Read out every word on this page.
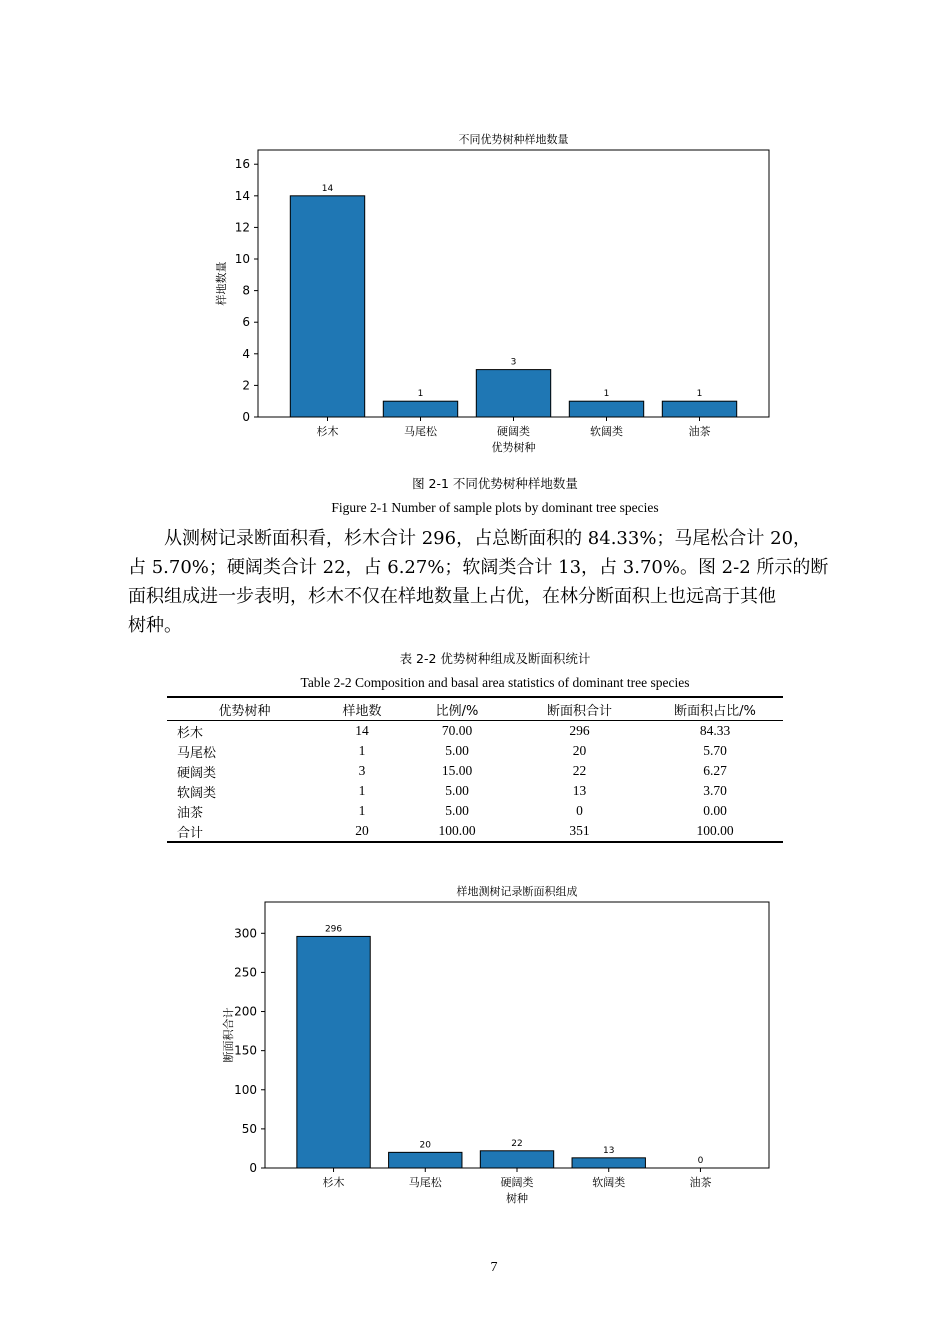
不同优势树种样地数量
0
2
4
6
8
10
12
14
16
14
杉木
1
马尾松
3
硬阔类
1
软阔类
1
油茶
优势树种
样地数量
图 2-1 不同优势树种样地数量
Figure 2-1 Number of sample plots by dominant tree species
从测树记录断面积看，杉木合计 296，占总断面积的 84.33%；马尾松合计 20，
占 5.70%；硬阔类合计 22，占 6.27%；软阔类合计 13，占 3.70%。图 2-2 所示的断
面积组成进一步表明，杉木不仅在样地数量上占优，在林分断面积上也远高于其他
树种。
表 2-2 优势树种组成及断面积统计
Table 2-2 Composition and basal area statistics of dominant tree species
优势树种	样地数	比例/%	断面积合计	断面积占比/%
杉木	14	70.00	296	84.33
马尾松	1	5.00	20	5.70
硬阔类	3	15.00	22	6.27
软阔类	1	5.00	13	3.70
油茶	1	5.00	0	0.00
合计	20	100.00	351	100.00
样地测树记录断面积组成
0
50
100
150
200
250
300	296
杉木
20
马尾松
22
硬阔类
13
软阔类
0
油茶
树种
断面积合计
7
